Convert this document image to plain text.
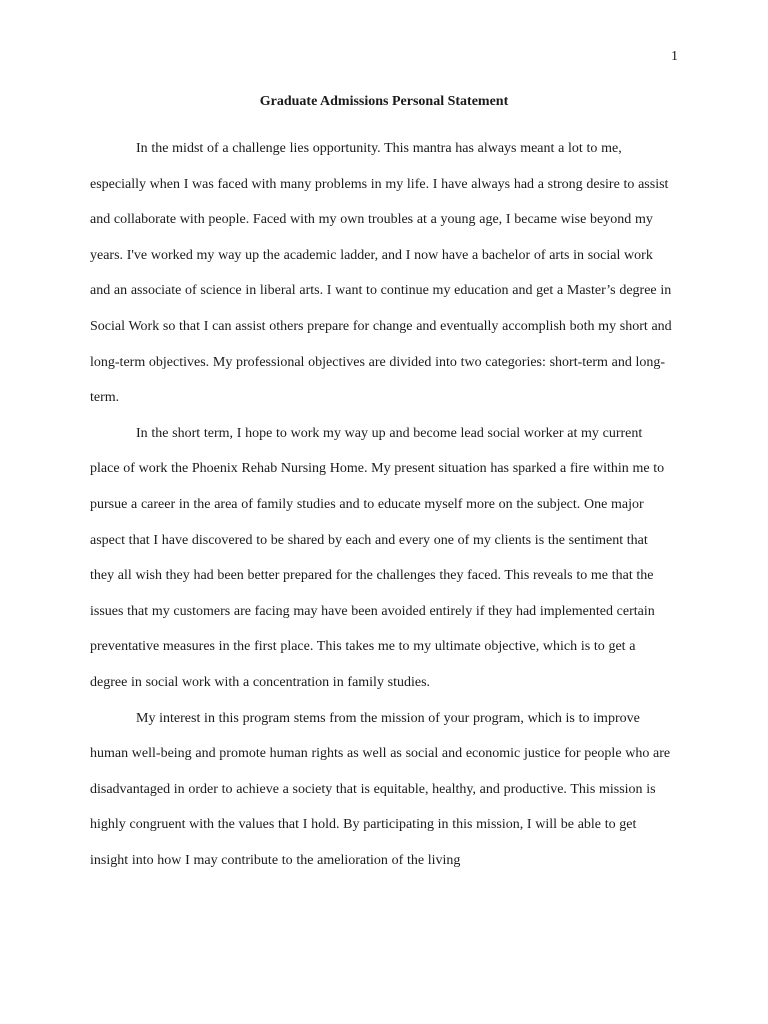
1
Graduate Admissions Personal Statement

In the midst of a challenge lies opportunity. This mantra has always meant a lot to me, especially when I was faced with many problems in my life. I have always had a strong desire to assist and collaborate with people. Faced with my own troubles at a young age, I became wise beyond my years. I've worked my way up the academic ladder, and I now have a bachelor of arts in social work and an associate of science in liberal arts. I want to continue my education and get a Master’s degree in Social Work so that I can assist others prepare for change and eventually accomplish both my short and long-term objectives. My professional objectives are divided into two categories: short-term and long-term.

In the short term, I hope to work my way up and become lead social worker at my current place of work the Phoenix Rehab Nursing Home. My present situation has sparked a fire within me to pursue a career in the area of family studies and to educate myself more on the subject. One major aspect that I have discovered to be shared by each and every one of my clients is the sentiment that they all wish they had been better prepared for the challenges they faced. This reveals to me that the issues that my customers are facing may have been avoided entirely if they had implemented certain preventative measures in the first place. This takes me to my ultimate objective, which is to get a degree in social work with a concentration in family studies.

My interest in this program stems from the mission of your program, which is to improve human well-being and promote human rights as well as social and economic justice for people who are disadvantaged in order to achieve a society that is equitable, healthy, and productive. This mission is highly congruent with the values that I hold. By participating in this mission, I will be able to get insight into how I may contribute to the amelioration of the living
